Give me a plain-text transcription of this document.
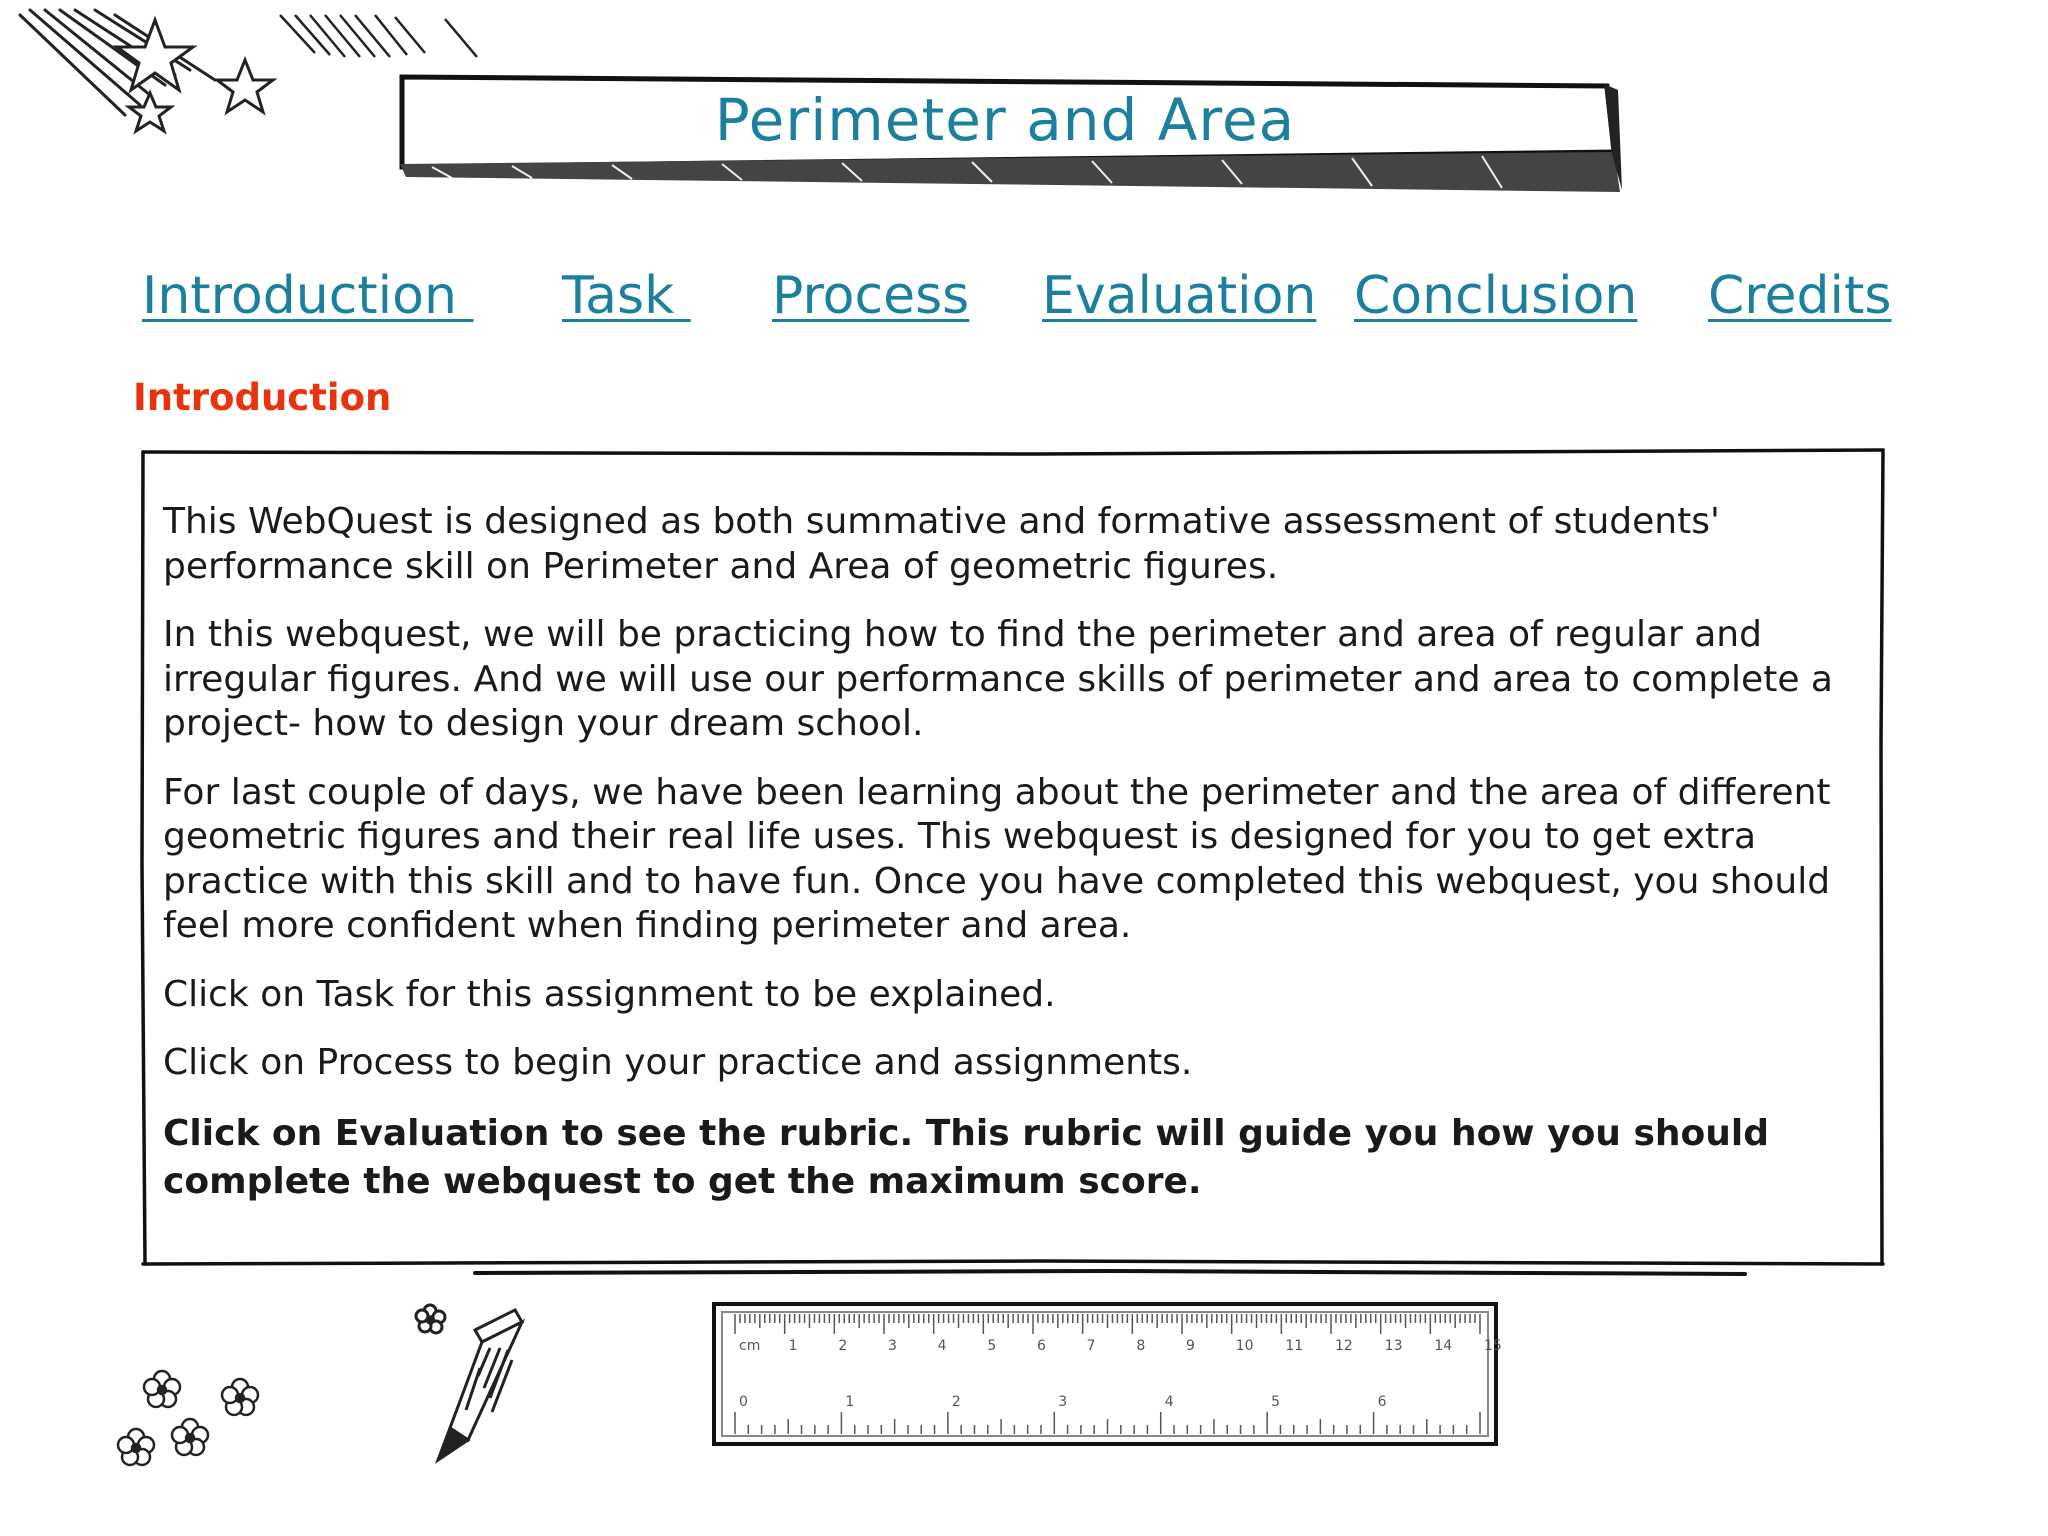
Perimeter and Area
Introduction Task Process Evaluation Conclusion Credits
Introduction

This WebQuest is designed as both summative and formative assessment of students' performance skill on Perimeter and Area of geometric figures.

In this webquest, we will be practicing how to find the perimeter and area of regular and irregular figures. And we will use our performance skills of perimeter and area to complete a project- how to design your dream school.

For last couple of days, we have been learning about the perimeter and the area of different geometric figures and their real life uses. This webquest is designed for you to get extra practice with this skill and to have fun. Once you have completed this webquest, you should feel more confident when finding perimeter and area.

Click on Task for this assignment to be explained.

Click on Process to begin your practice and assignments.

Click on Evaluation to see the rubric. This rubric will guide you how you should complete the webquest to get the maximum score.

cm 1	2	3	4	5	6	7	8	9	10 11 12 13 14 15
0	1	2	3	4	5	6
